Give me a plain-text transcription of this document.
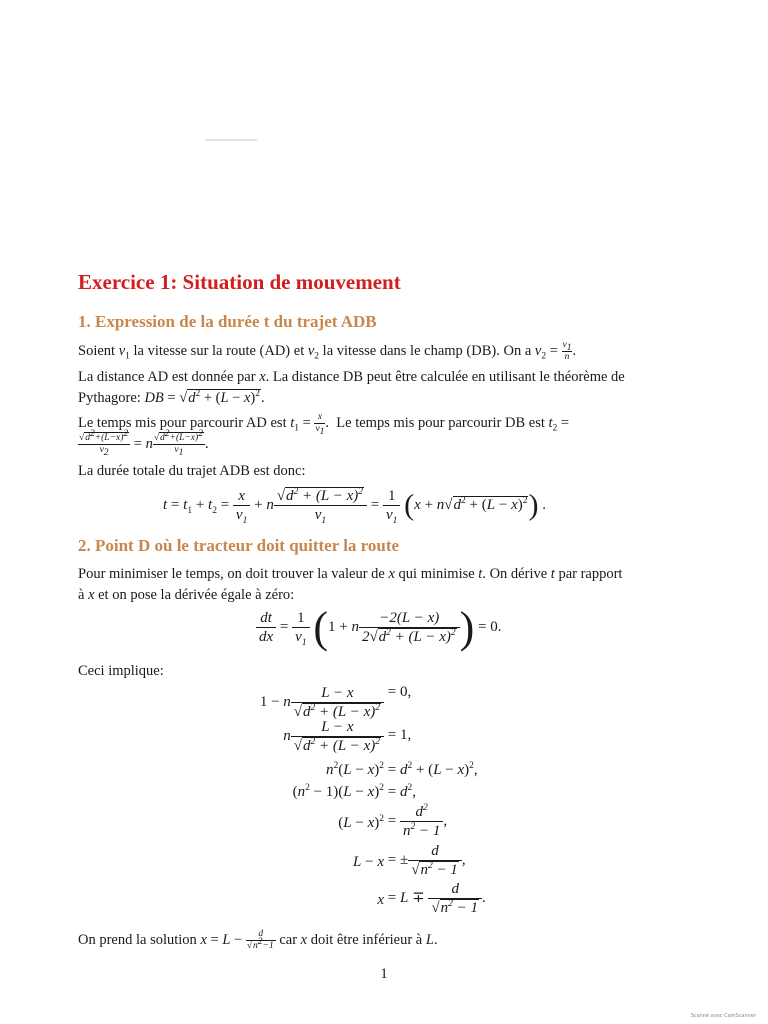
Exercice 1: Situation de mouvement
1. Expression de la durée t du trajet ADB

Soient $v_1$ la vitesse sur la route (AD) et $v_2$ la vitesse dans le champ (DB). On a $v_2 = \frac{v_1}{n}$ .

La distance AD est donnée par x. La distance DB peut être calculée en utilisant le théorème de
Pythagore: DB = $√d^2 + (L - x)^2$.

Le temps mis pour parcourir AD est $t_1 = \frac{x}{v_1}$ .  Le temps mis pour parcourir DB est $t_2$ =

$\frac{√d^2+(L-x)^2}{v_2} = n \frac{√d^2+(L-x)^2}{v_1}$ .

La durée totale du trajet ADB est donc:

$t = t_1 + t_2 = \frac{x}{v_1} + n \frac{√d^2 + (L - x)^2}{v_1} = \frac{1}{v_1} (x + n√d^2 + (L - x)^2)$ .
2. Point D où le tracteur doit quitter la route

Pour minimiser le temps, on doit trouver la valeur de x qui minimise t. On dérive t par rapport
à x et on pose la dérivée égale à zéro:

$\frac{dt}{dx} = \frac{1}{v_1} (1 + n \frac{-2(L - x)}{2√d^2 + (L - x)^2}$ ) = 0.

Ceci implique:

1 − n $\frac{L - x}{√d^2 + (L - x)^2} = 0$,
n $\frac{L - x}{√d^2 + (L - x)^2} = 1$,
$n^2(L - x)^2 = d^2 + (L - x)^2$,
$(n^2 - 1)(L - x)^2 = d^2$,
$(L - x)^2 = \frac{d^2}{n^2 - 1}$ ,
L − x = ± $\frac{d}{√n^2 - 1}$ ,
$x = L \mp \frac{d}{√n^2 - 1}$ .

On prend la solution $x = L - \frac{d}{√n^2-1}$ car x doit être inférieur à L.

1
Scanné avec CamScanner
